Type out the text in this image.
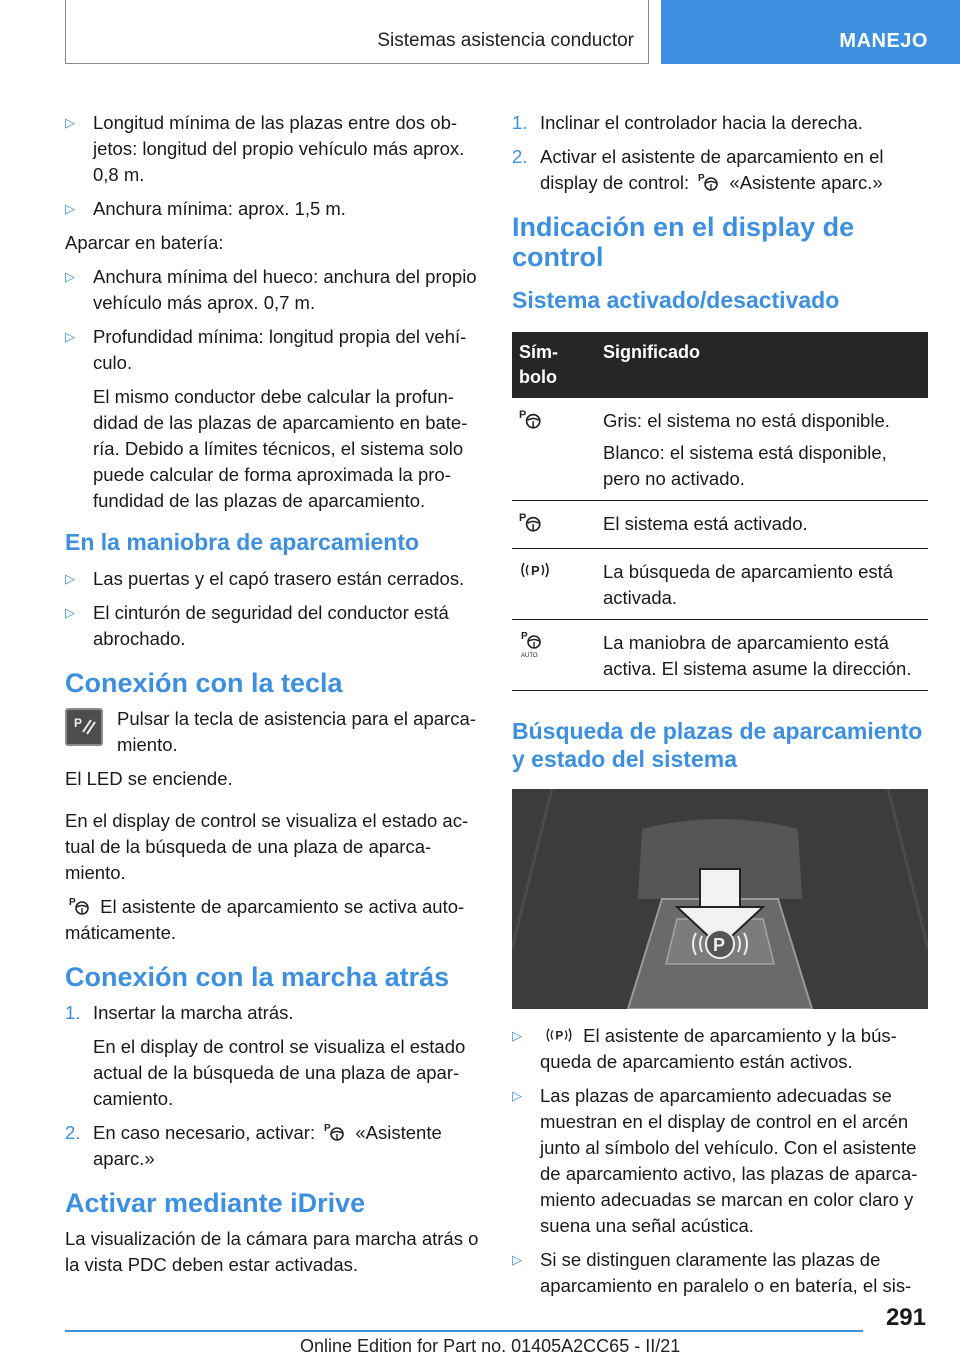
Sistemas asistencia conductor	MANEJO
▷ Longitud mínima de las plazas entre dos objetos: longitud del propio vehículo más aprox. 0,8 m.
▷ Anchura mínima: aprox. 1,5 m.

Aparcar en batería:

▷ Anchura mínima del hueco: anchura del propio vehículo más aprox. 0,7 m.
▷ Profundidad mínima: longitud propia del vehículo.
El mismo conductor debe calcular la profundidad de las plazas de aparcamiento en batería. Debido a límites técnicos, el sistema solo puede calcular de forma aproximada la profundidad de las plazas de aparcamiento.
En la maniobra de aparcamiento
▷ Las puertas y el capó trasero están cerrados.
▷ El cinturón de seguridad del conductor está abrochado.
Conexión con la tecla
P Pulsar la tecla de asistencia para el aparcamiento.

El LED se enciende.

En el display de control se visualiza el estado actual de la búsqueda de una plaza de aparcamiento.

El asistente de aparcamiento se activa automáticamente.

Conexión con la marcha atrás
1. Insertar la marcha atrás.
En el display de control se visualiza el estado actual de la búsqueda de una plaza de aparcamiento.
2. En caso necesario, activar:  «Asistente aparc.»
Activar mediante iDrive

La visualización de la cámara para marcha atrás o la vista PDC deben estar activadas.

1. Inclinar el controlador hacia la derecha.
2. Activar el asistente de aparcamiento en el display de control:  «Asistente aparc.»
Indicación en el display de control
Sistema activado/desactivado
Símbolo	Significado

Gris: el sistema no está disponible.
Blanco: el sistema está disponible, pero no activado.

	El sistema está activado.

P	La búsqueda de aparcamiento está activada.

AUTO	La maniobra de aparcamiento está activa. El sistema asume la dirección.
Búsqueda de plazas de aparcamiento y estado del sistema
P
▷	P El asistente de aparcamiento y la búsqueda de aparcamiento están activos.
▷ Las plazas de aparcamiento adecuadas se muestran en el display de control en el arcén junto al símbolo del vehículo. Con el asistente de aparcamiento activo, las plazas de aparcamiento adecuadas se marcan en color claro y suena una señal acústica.
▷ Si se distinguen claramente las plazas de aparcamiento en paralelo o en batería, el sis-
291
Online Edition for Part no. 01405A2CC65 - II/21
